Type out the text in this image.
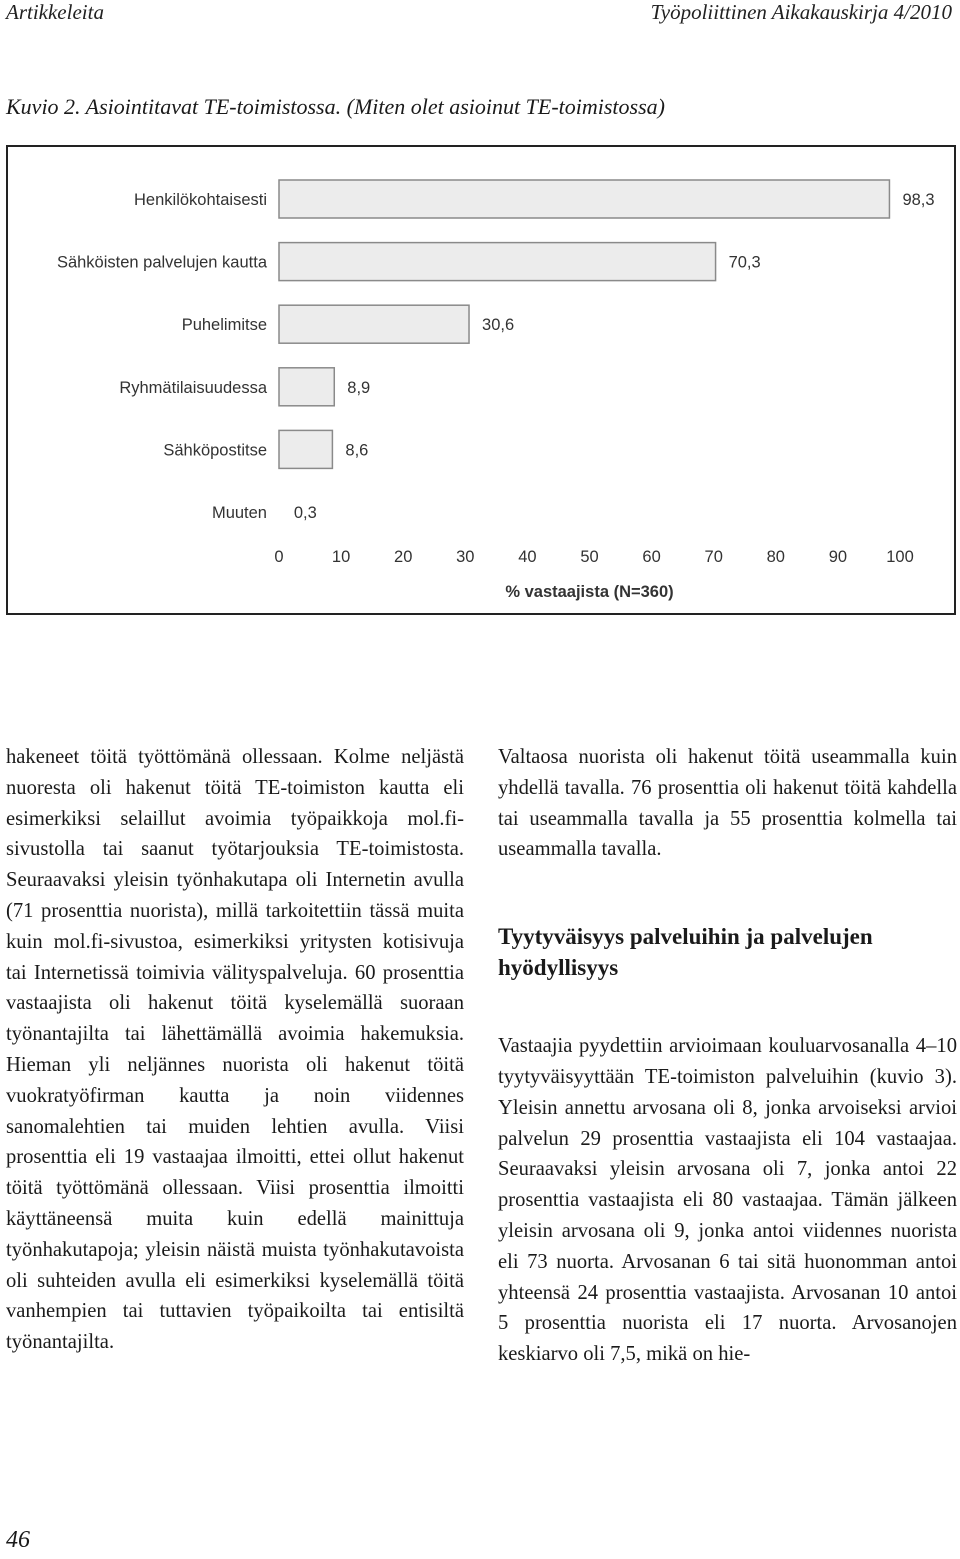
Artikkeleita	Työpoliittinen Aikakauskirja 4/2010
Kuvio 2. Asiointitavat TE-toimistossa. (Miten olet asioinut TE-toimistossa)
Henkilökohtaisesti	98,3
Sähköisten palvelujen kautta	70,3
Puhelimitse	30,6
Ryhmätilaisuudessa	8,9
Sähköpostitse	8,6
Muuten 0,3
0	10	20	30	40	50	60	70	80	90 100
% vastaajista (N=360)

hakeneet töitä työttömänä ollessaan. Kolme neljästä nuoresta oli hakenut töitä TE-toimiston kautta eli esimerkiksi selaillut avoimia työpaikkoja mol.fi-sivustolla tai saanut työtarjouksia TE-toimistosta. Seuraavaksi yleisin työnhakutapa oli Internetin avulla (71 prosenttia nuorista), millä tarkoitettiin tässä muita kuin mol.fi-sivustoa, esimerkiksi yritysten kotisivuja tai Internetissä toimivia välityspalveluja. 60 prosenttia vastaajista oli hakenut töitä kyselemällä suoraan työnantajilta tai lähettämällä avoimia hakemuksia. Hieman yli neljännes nuorista oli hakenut töitä vuokratyöfirman kautta ja noin viidennes sanomalehtien tai muiden lehtien avulla. Viisi prosenttia eli 19 vastaajaa ilmoitti, ettei ollut hakenut töitä työttömänä ollessaan. Viisi prosenttia ilmoitti käyttäneensä muita kuin edellä mainittuja työnhakutapoja; yleisin näistä muista työnhakutavoista oli suhteiden avulla eli esimerkiksi kyselemällä töitä vanhempien tai tuttavien työpaikoilta tai entisiltä työnantajilta.

Valtaosa nuorista oli hakenut töitä useammalla kuin yhdellä tavalla. 76 prosenttia oli hakenut töitä kahdella tai useammalla tavalla ja 55 prosenttia kolmella tai useammalla tavalla.

Tyytyväisyys palveluihin ja palvelujen hyödyllisyys

Vastaajia pyydettiin arvioimaan kouluarvosanalla 4–10 tyytyväisyyttään TE-toimiston palveluihin (kuvio 3). Yleisin annettu arvosana oli 8, jonka arvoiseksi arvioi palvelun 29 prosenttia vastaajista eli 104 vastaajaa. Seuraavaksi yleisin arvosana oli 7, jonka antoi 22 prosenttia vastaajista eli 80 vastaajaa. Tämän jälkeen yleisin arvosana oli 9, jonka antoi viidennes nuorista eli 73 nuorta. Arvosanan 6 tai sitä huonomman antoi yhteensä 24 prosenttia vastaajista. Arvosanan 10 antoi 5 prosenttia nuorista eli 17 nuorta. Arvosanojen keskiarvo oli 7,5, mikä on hie-

46
